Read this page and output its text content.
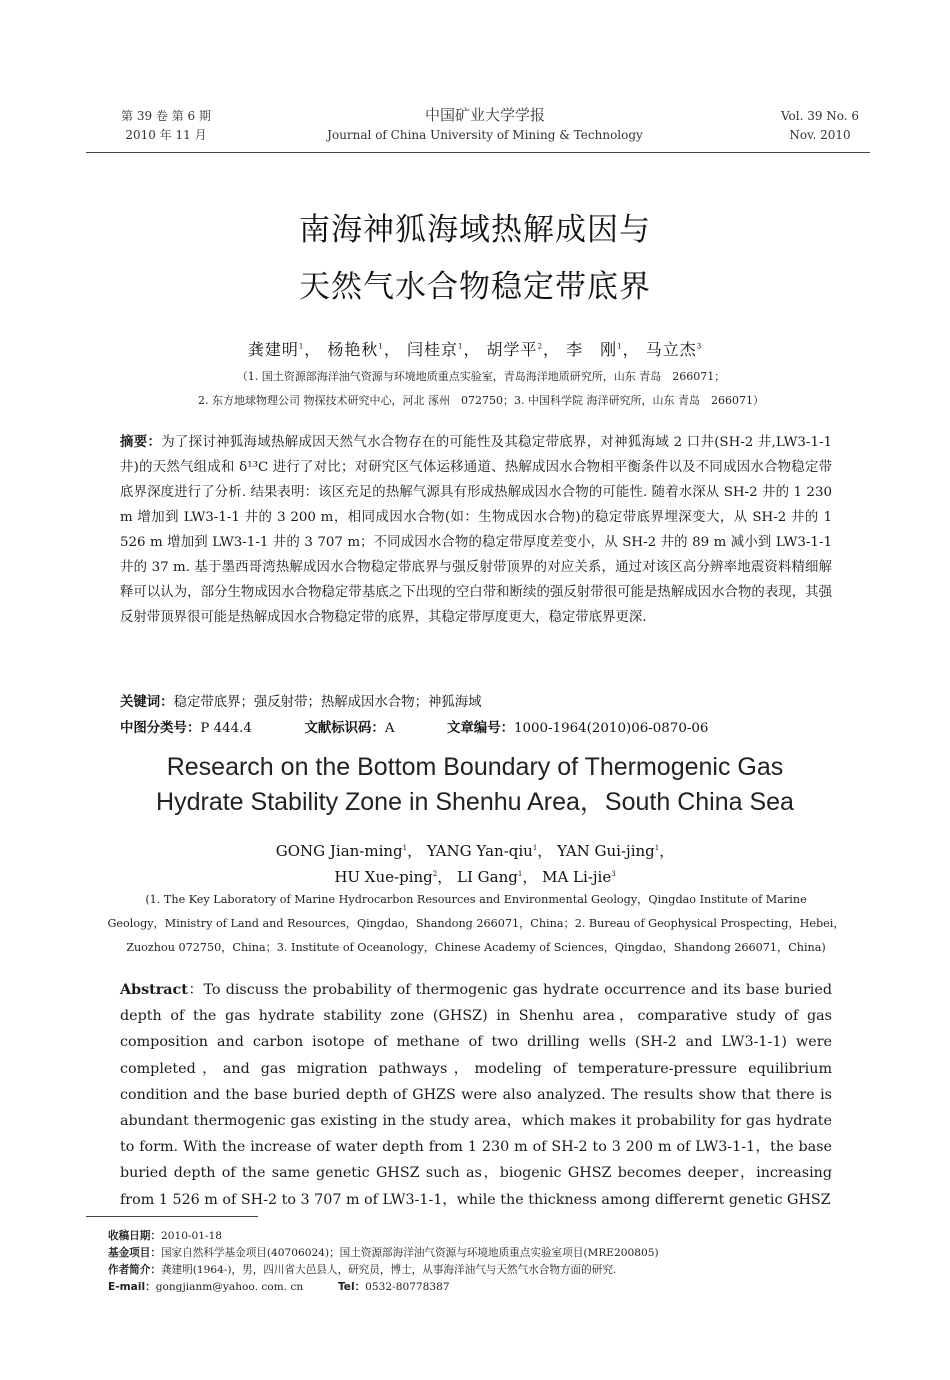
第 39 卷 第 6 期
2010 年 11 月
中国矿业大学学报
Journal of China University of Mining & Technology
Vol. 39 No. 6
Nov. 2010
南海神狐海域热解成因与
天然气水合物稳定带底界
龚建明$^1$， 杨艳秋$^1$， 闫桂京$^1$， 胡学平$^2$， 李　刚$^1$， 马立杰$^3$
（1. 国土资源部海洋油气资源与环境地质重点实验室，青岛海洋地质研究所，山东 青岛　266071；
2. 东方地球物理公司 物探技术研究中心，河北 涿州　072750；3. 中国科学院 海洋研究所，山东 青岛　266071）
摘要：为了探讨神狐海域热解成因天然气水合物存在的可能性及其稳定带底界，对神狐海域 2 口井(SH-2 井,LW3-1-1 井)的天然气组成和 δ¹³C 进行了对比；对研究区气体运移通道、热解成因水合物相平衡条件以及不同成因水合物稳定带底界深度进行了分析. 结果表明：该区充足的热解气源具有形成热解成因水合物的可能性. 随着水深从 SH-2 井的 1 230 m 增加到 LW3-1-1 井的 3 200 m，相同成因水合物(如：生物成因水合物)的稳定带底界埋深变大，从 SH-2 井的 1 526 m 增加到 LW3-1-1 井的 3 707 m；不同成因水合物的稳定带厚度差变小，从 SH-2 井的 89 m 减小到 LW3-1-1 井的 37 m. 基于墨西哥湾热解成因水合物稳定带底界与强反射带顶界的对应关系，通过对该区高分辨率地震资料精细解释可以认为，部分生物成因水合物稳定带基底之下出现的空白带和断续的强反射带很可能是热解成因水合物的表现，其强反射带顶界很可能是热解成因水合物稳定带的底界，其稳定带厚度更大，稳定带底界更深.
关键词：稳定带底界；强反射带；热解成因水合物；神狐海域
中图分类号：P 444.4	文献标识码：A	文章编号：1000-1964(2010)06-0870-06
Research on the Bottom Boundary of Thermogenic Gas
Hydrate Stability Zone in Shenhu Area，South China Sea
GONG Jian-ming$^1$， YANG Yan-qiu$^1$， YAN Gui-jing$^1$，
HU Xue-ping$^2$， LI Gang$^1$， MA Li-jie$^3$
(1. The Key Laboratory of Marine Hydrocarbon Resources and Environmental Geology，Qingdao Institute of Marine
Geology，Ministry of Land and Resources，Qingdao，Shandong 266071，China；2. Bureau of Geophysical Prospecting，Hebei，
Zuozhou 072750，China；3. Institute of Oceanology，Chinese Academy of Sciences，Qingdao，Shandong 266071，China)
Abstract：To discuss the probability of thermogenic gas hydrate occurrence and its base buried depth of the gas hydrate stability zone (GHSZ) in Shenhu area，comparative study of gas composition and carbon isotope of methane of two drilling wells (SH-2 and LW3-1-1) were completed，and gas migration pathways，modeling of temperature-pressure equilibrium condition and the base buried depth of GHZS were also analyzed. The results show that there is abundant thermogenic gas existing in the study area，which makes it probability for gas hydrate to form. With the increase of water depth from 1 230 m of SH-2 to 3 200 m of LW3-1-1，the base buried depth of the same genetic GHSZ such as，biogenic GHSZ becomes deeper，increasing from 1 526 m of SH-2 to 3 707 m of LW3-1-1，while the thickness among differernt genetic GHSZ
收稿日期：2010-01-18
基金项目：国家自然科学基金项目(40706024)；国土资源部海洋油气资源与环境地质重点实验室项目(MRE200805)
作者简介：龚建明(1964-)，男，四川省大邑县人，研究员，博士，从事海洋油气与天然气水合物方面的研究.
E-mail：gongjianm@yahoo. com. cn	Tel：0532-80778387
